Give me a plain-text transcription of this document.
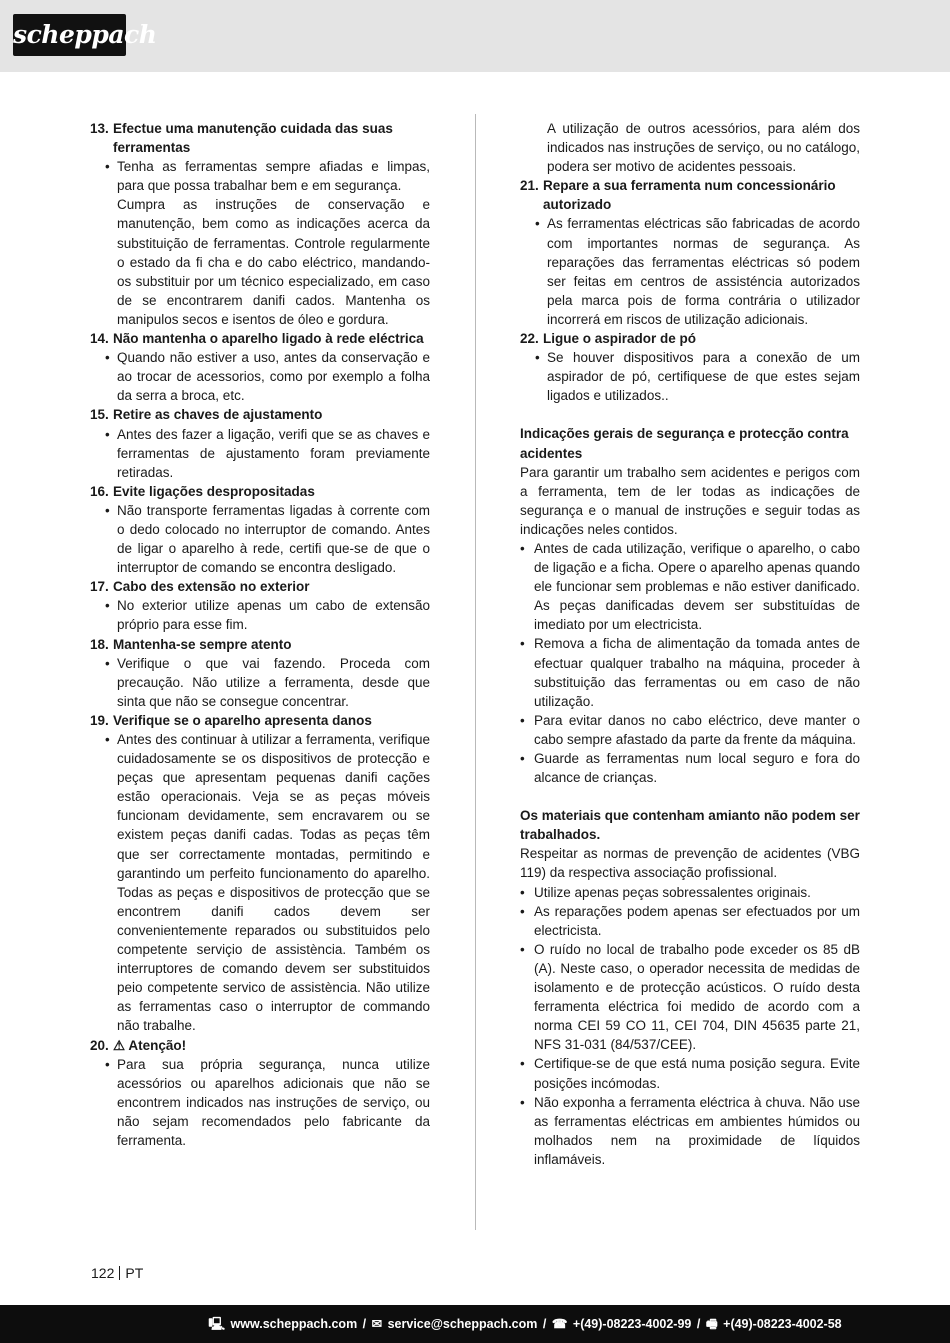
scheppach
13. Efectue uma manutenção cuidada das suas ferramentas
• Tenha as ferramentas sempre afiadas e limpas, para que possa trabalhar bem e em segurança.
Cumpra as instruções de conservação e manutenção, bem como as indicações acerca da substituição de ferramentas. Controle regularmente o estado da fi cha e do cabo eléctrico, mandando-os substituir por um técnico especializado, em caso de se encontrarem danifi cados. Mantenha os manipulos secos e isentos de óleo e gordura.
14. Não mantenha o aparelho ligado à rede eléctrica
• Quando não estiver a uso, antes da conservação e ao trocar de acessorios, como por exemplo a folha da serra a broca, etc.
15. Retire as chaves de ajustamento
• Antes des fazer a ligação, verifi que se as chaves e ferramentas de ajustamento foram previamente retiradas.
16. Evite ligações despropositadas
• Não transporte ferramentas ligadas à corrente com o dedo colocado no interruptor de comando. Antes de ligar o aparelho à rede, certifi que-se de que o interruptor de comando se encontra desligado.
17. Cabo des extensão no exterior
• No exterior utilize apenas um cabo de extensão próprio para esse fim.
18. Mantenha-se sempre atento
• Verifique o que vai fazendo. Proceda com precaução. Não utilize a ferramenta, desde que sinta que não se consegue concentrar.
19. Verifique se o aparelho apresenta danos
• Antes des continuar à utilizar a ferramenta, verifique cuidadosamente se os dispositivos de protecção e peças que apresentam pequenas danifi cações estão operacionais. Veja se as peças móveis funcionam devidamente, sem encravarem ou se existem peças danifi cadas. Todas as peças têm que ser correctamente montadas, permitindo e garantindo um perfeito funcionamento do aparelho. Todas as peças e dispositivos de protecção que se encontrem danifi cados devem ser convenientemente reparados ou substituidos pelo competente serviçio de assistència. Também os interruptores de comando devem ser substituidos peio competente servico de assistència. Não utilize as ferramentas caso o interruptor de commando não trabalhe.
20. ⚠ Atenção!
• Para sua própria segurança, nunca utilize acessórios ou aparelhos adicionais que não se encontrem indicados nas instruções de serviço, ou não sejam recomendados pelo fabricante da ferramenta.
A utilização de outros acessórios, para além dos indicados nas instruções de serviço, ou no catálogo, podera ser motivo de acidentes pessoais.
21. Repare a sua ferramenta num concessionário autorizado
• As ferramentas eléctricas são fabricadas de acordo com importantes normas de segurança. As reparações das ferramentas eléctricas só podem ser feitas em centros de assisténcia autorizados pela marca pois de forma contrária o utilizador incorrerá em riscos de utilização adicionais.
22. Ligue o aspirador de pó
• Se houver dispositivos para a conexão de um aspirador de pó, certifiquese de que estes sejam ligados e utilizados..
Indicações gerais de segurança e protecção contra acidentes
Para garantir um trabalho sem acidentes e perigos com a ferramenta, tem de ler todas as indicações de segurança e o manual de instruções e seguir todas as indicações neles contidos.
• Antes de cada utilização, verifique o aparelho, o cabo de ligação e a ficha. Opere o aparelho apenas quando ele funcionar sem problemas e não estiver danificado. As peças danificadas devem ser substituídas de imediato por um electricista.
• Remova a ficha de alimentação da tomada antes de efectuar qualquer trabalho na máquina, proceder à substituição das ferramentas ou em caso de não utilização.
• Para evitar danos no cabo eléctrico, deve manter o cabo sempre afastado da parte da frente da máquina.
• Guarde as ferramentas num local seguro e fora do alcance de crianças.
Os materiais que contenham amianto não podem ser trabalhados.
Respeitar as normas de prevenção de acidentes (VBG 119) da respectiva associação profissional.
• Utilize apenas peças sobressalentes originais.
• As reparações podem apenas ser efectuados por um electricista.
• O ruído no local de trabalho pode exceder os 85 dB (A). Neste caso, o operador necessita de medidas de isolamento e de protecção acústicos. O ruído desta ferramenta eléctrica foi medido de acordo com a norma CEI 59 CO 11, CEI 704, DIN 45635 parte 21, NFS 31-031 (84/537/CEE).
• Certifique-se de que está numa posição segura. Evite posições incómodas.
• Não exponha a ferramenta eléctrica à chuva. Não use as ferramentas eléctricas em ambientes húmidos ou molhados nem na proximidade de líquidos inflamáveis.
122 PT
🖳 www.scheppach.com / ✉ service@scheppach.com / ☎ +(49)-08223-4002-99 / 🖷 +(49)-08223-4002-58
